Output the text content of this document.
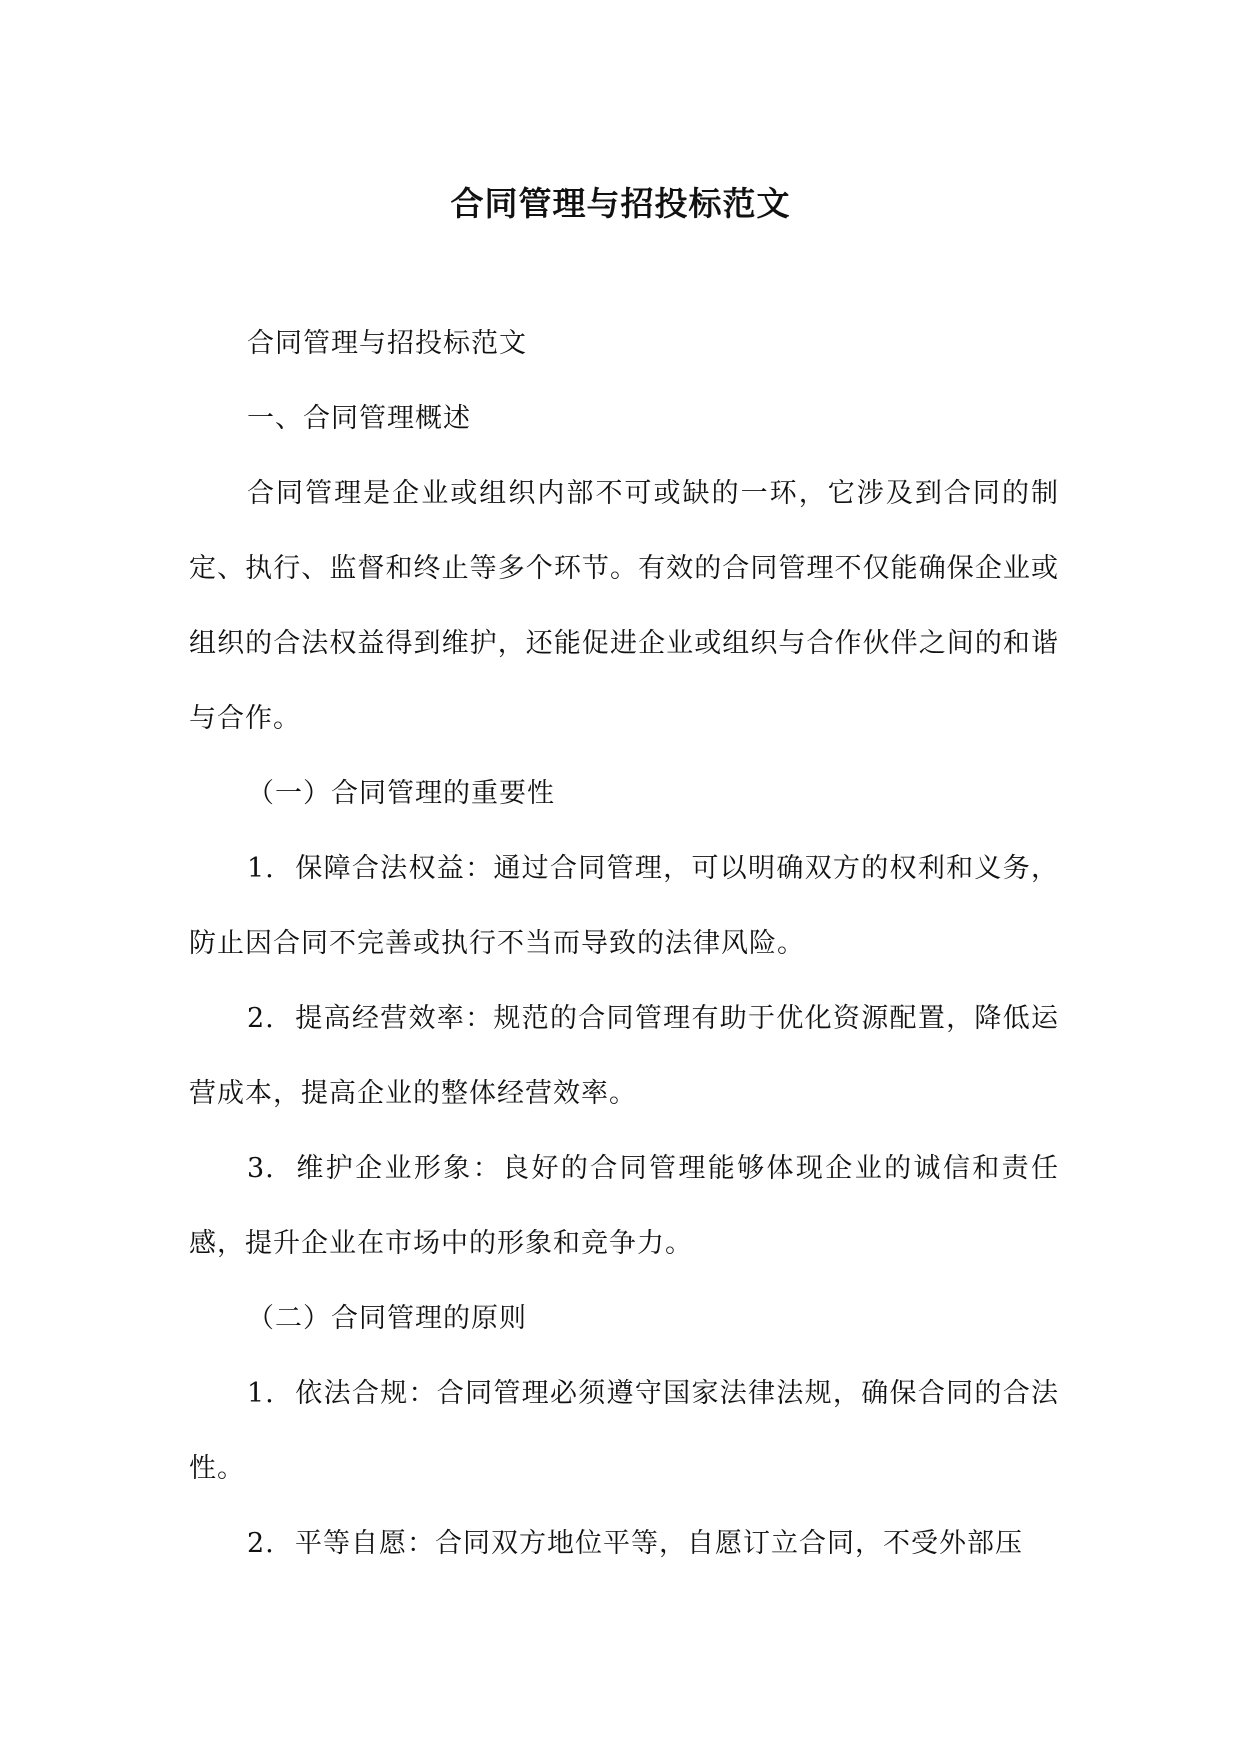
合同管理与招投标范文

合同管理与招投标范文

一、合同管理概述

合同管理是企业或组织内部不可或缺的一环，它涉及到合同的制定、执行、监督和终止等多个环节。有效的合同管理不仅能确保企业或组织的合法权益得到维护，还能促进企业或组织与合作伙伴之间的和谐与合作。

（一）合同管理的重要性

1. 保障合法权益：通过合同管理，可以明确双方的权利和义务，防止因合同不完善或执行不当而导致的法律风险。

2. 提高经营效率：规范的合同管理有助于优化资源配置，降低运营成本，提高企业的整体经营效率。

3. 维护企业形象：良好的合同管理能够体现企业的诚信和责任感，提升企业在市场中的形象和竞争力。

（二）合同管理的原则

1. 依法合规：合同管理必须遵守国家法律法规，确保合同的合法性。

2. 平等自愿：合同双方地位平等，自愿订立合同，不受外部压
